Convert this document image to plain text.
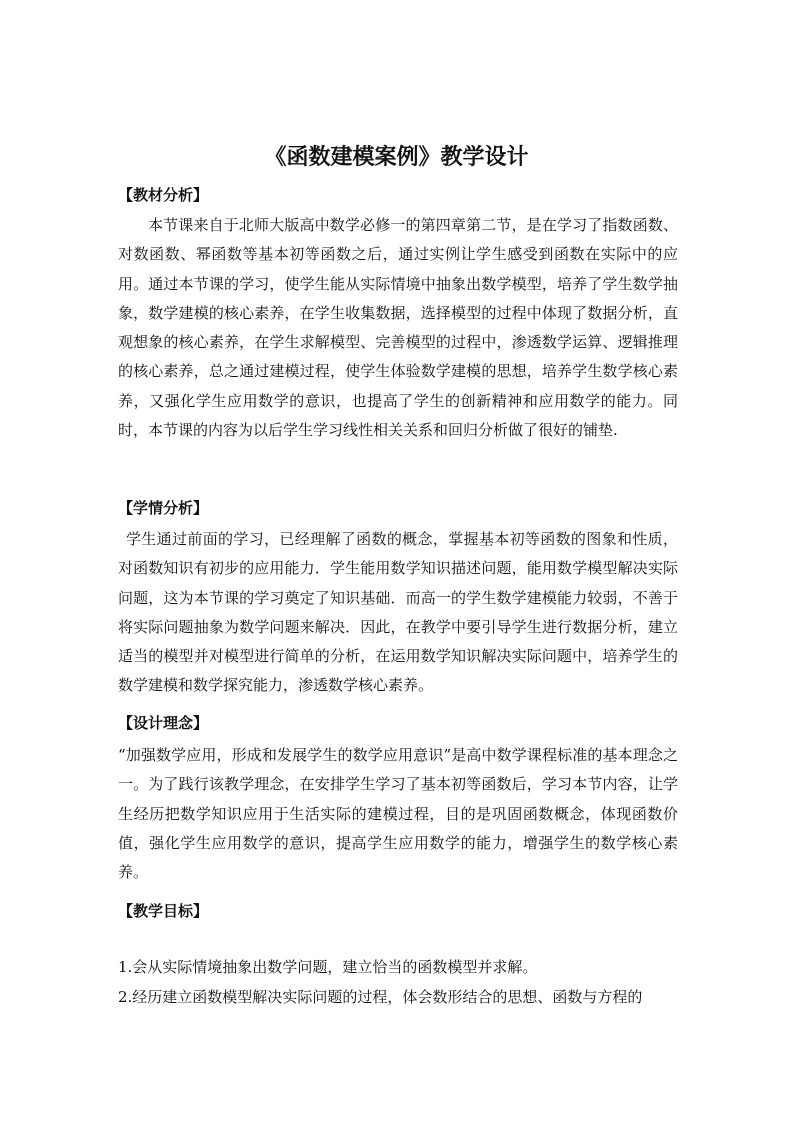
《函数建模案例》教学设计
【教材分析】
本节课来自于北师大版高中数学必修一的第四章第二节，是在学习了指数函数、对数函数、幂函数等基本初等函数之后，通过实例让学生感受到函数在实际中的应用。通过本节课的学习，使学生能从实际情境中抽象出数学模型，培养了学生数学抽象，数学建模的核心素养，在学生收集数据，选择模型的过程中体现了数据分析，直观想象的核心素养，在学生求解模型、完善模型的过程中，渗透数学运算、逻辑推理的核心素养，总之通过建模过程，使学生体验数学建模的思想，培养学生数学核心素养，又强化学生应用数学的意识，也提高了学生的创新精神和应用数学的能力。同时，本节课的内容为以后学生学习线性相关关系和回归分析做了很好的铺垫.
【学情分析】
学生通过前面的学习，已经理解了函数的概念，掌握基本初等函数的图象和性质，对函数知识有初步的应用能力．学生能用数学知识描述问题，能用数学模型解决实际问题，这为本节课的学习奠定了知识基础．而高一的学生数学建模能力较弱，不善于将实际问题抽象为数学问题来解决．因此，在教学中要引导学生进行数据分析，建立适当的模型并对模型进行简单的分析，在运用数学知识解决实际问题中，培养学生的数学建模和数学探究能力，渗透数学核心素养。
【设计理念】
“加强数学应用，形成和发展学生的数学应用意识”是高中数学课程标准的基本理念之一。为了践行该教学理念，在安排学生学习了基本初等函数后，学习本节内容，让学生经历把数学知识应用于生活实际的建模过程，目的是巩固函数概念，体现函数价值，强化学生应用数学的意识，提高学生应用数学的能力，增强学生的数学核心素养。
【教学目标】
1.会从实际情境抽象出数学问题，建立恰当的函数模型并求解。
2.经历建立函数模型解决实际问题的过程，体会数形结合的思想、函数与方程的
